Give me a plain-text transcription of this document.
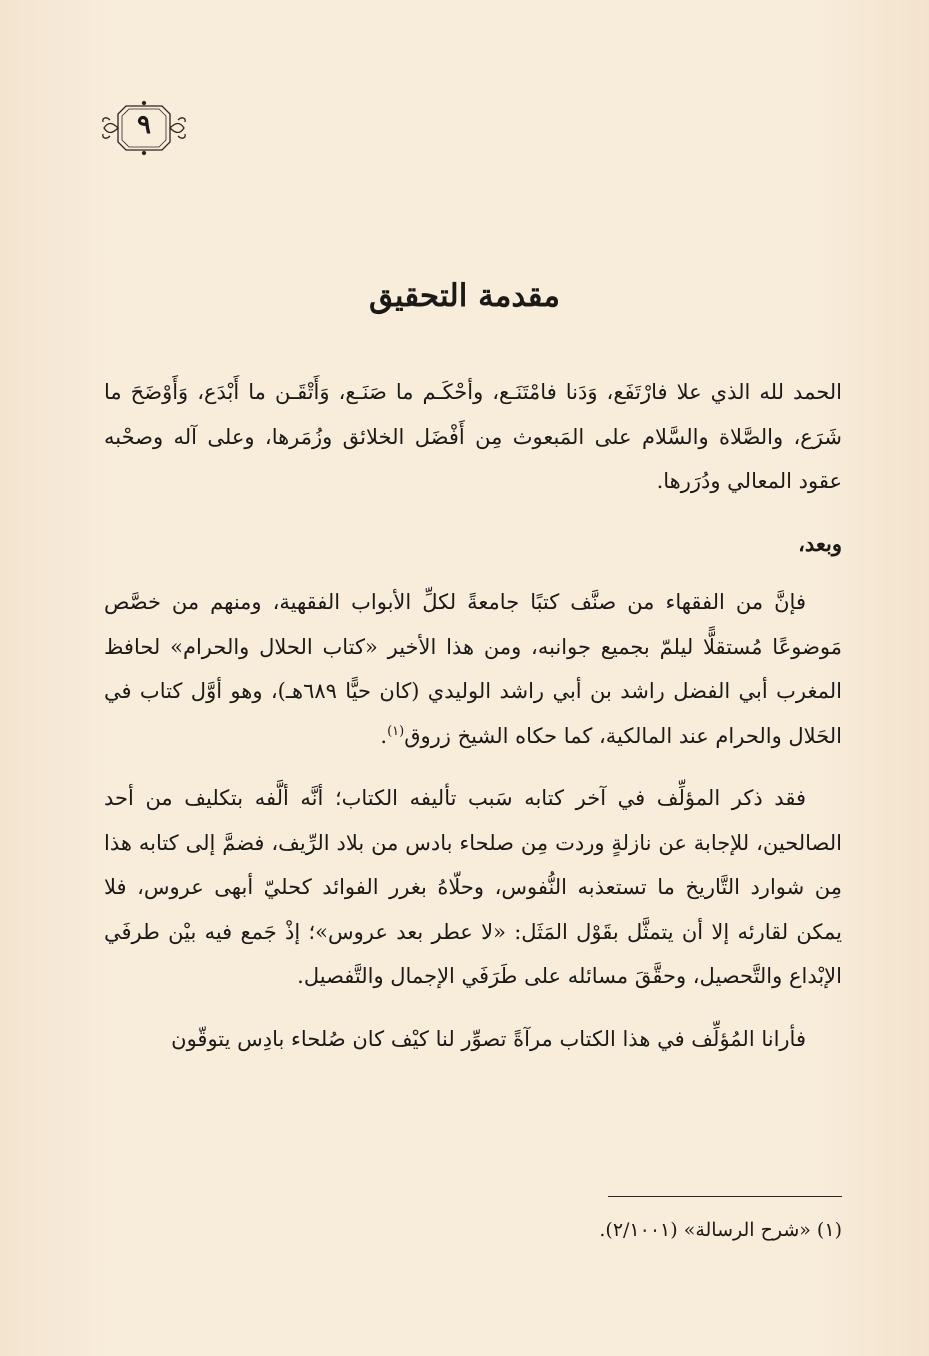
٩
مقدمة التحقيق

الحمد لله الذي علا فارْتَفَع، وَدَنا فامْتَنَـع، وأحْكَـم ما صَنَـع، وَأَتْقَـن ما أَبْدَع، وَأَوْضَحَ ما شَرَع، والصَّلاة والسَّلام على المَبعوث مِن أَفْضَل الخلائق وزُمَرها، وعلى آله وصحْبه عقود المعالي ودُرَرها.

وبعد،

فإنَّ من الفقهاء من صنَّف كتبًا جامعةً لكلِّ الأبواب الفقهية، ومنهم من خصَّص مَوضوعًا مُستقلًّا ليلمّ بجميع جوانبه، ومن هذا الأخير «كتاب الحلال والحرام» لحافظ المغرب أبي الفضل راشد بن أبي راشد الوليدي (كان حيًّا ٦٨٩هـ)، وهو أوَّل كتاب في الحَلال والحرام عند المالكية، كما حكاه الشيخ زروق$^{(١)}$.

فقد ذكر المؤلِّف في آخر كتابه سَبب تأليفه الكتاب؛ أنَّه ألَّفه بتكليف من أحد الصالحين، للإجابة عن نازلةٍ وردت مِن صلحاء بادس من بلاد الرِّيف، فضمَّ إلى كتابه هذا مِن شوارد التَّاريخ ما تستعذبه النُّفوس، وحلّاهُ بغرر الفوائد كحليّ أبهى عروس، فلا يمكن لقارئه إلا أن يتمثَّل بقَوْل المَثَل: «لا عطر بعد عروس»؛ إذْ جَمع فيه بيْن طرفَي الإبْداع والتَّحصيل، وحقَّقَ مسائله على طَرَفَي الإجمال والتَّفصيل.

فأرانا المُؤلِّف في هذا الكتاب مرآةً تصوِّر لنا كيْف كان صُلحاء بادِس يتوقّون

(١) «شرح الرسالة» (٢/١٠٠١).
